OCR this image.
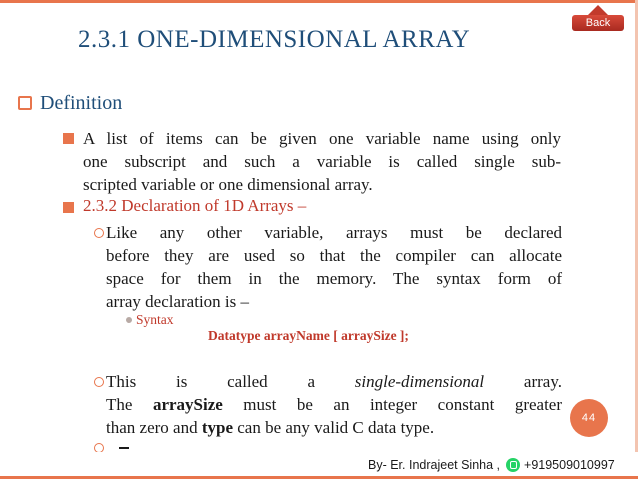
Back
2.3.1 ONE-DIMENSIONAL ARRAY
Definition

A list of items can be given one variable name using only

one subscript and such a variable is called single sub-

scripted variable or one dimensional array.

2.3.2 Declaration of 1D Arrays –

Like any other variable, arrays must be declared

before they are used so that the compiler can allocate

space for them in the memory. The syntax form of

array declaration is –

Syntax
Datatype arrayName [ arraySize ];

This is called a single-dimensional array.

The arraySize must be an integer constant greater

than zero and type can be any valid C data type.	44
By- Er. Indrajeet Sinha , +919509010997
